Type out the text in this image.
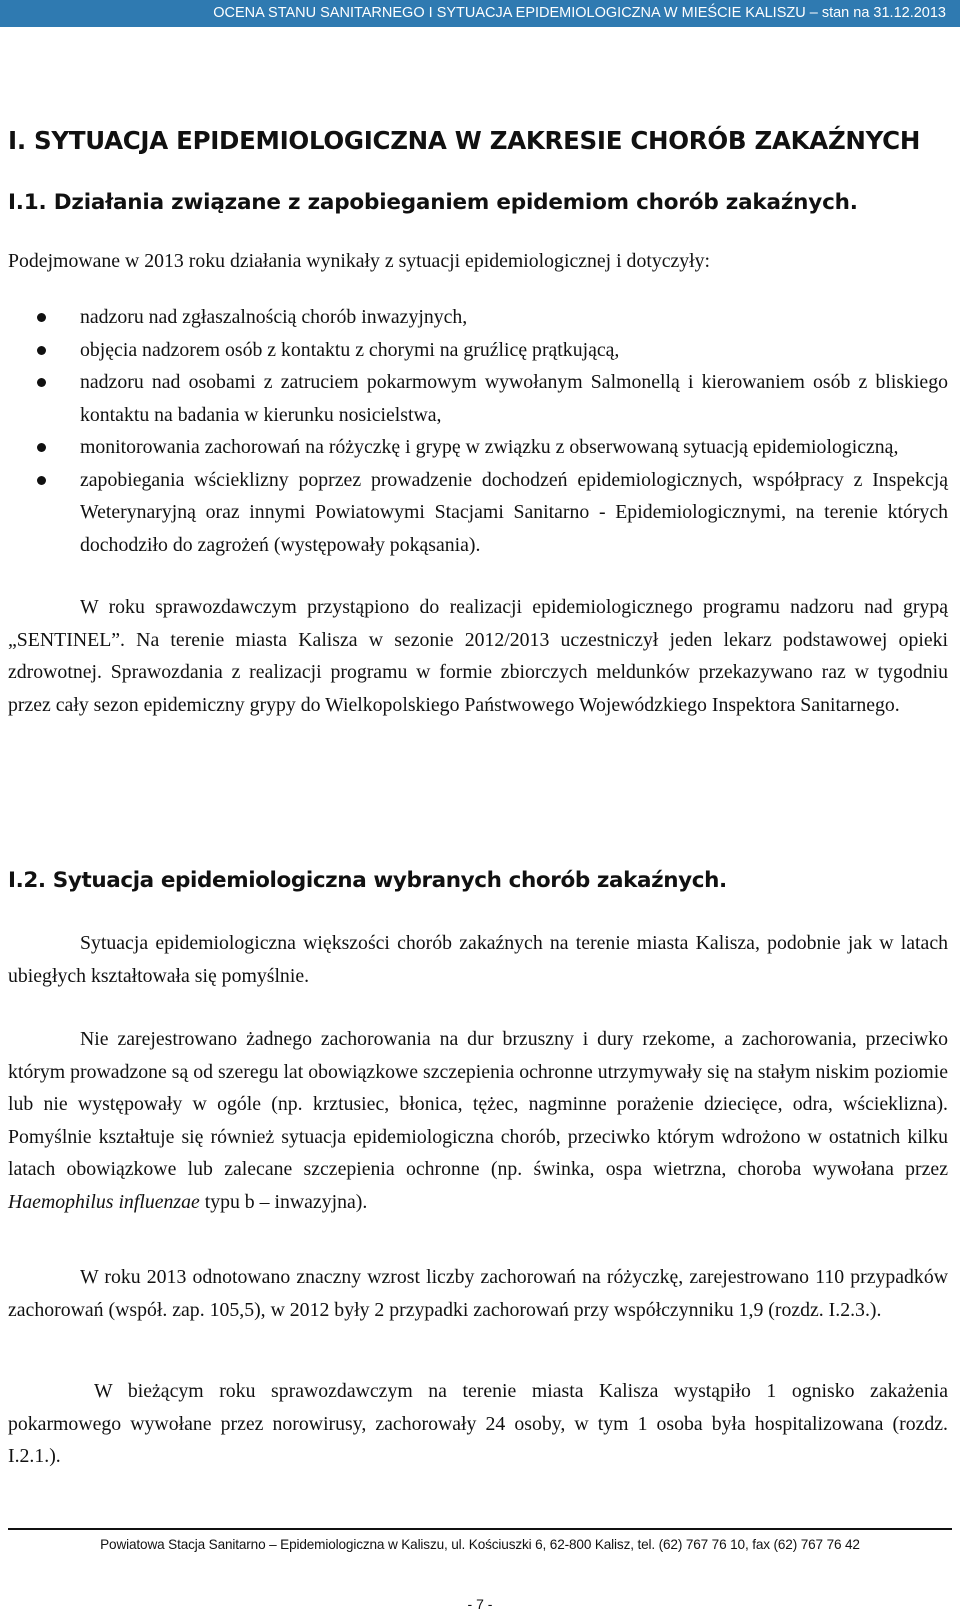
OCENA STANU SANITARNEGO I SYTUACJA EPIDEMIOLOGICZNA W MIEŚCIE KALISZU – stan na 31.12.2013
I. SYTUACJA EPIDEMIOLOGICZNA W ZAKRESIE CHORÓB ZAKAŹNYCH
I.1. Działania związane z zapobieganiem epidemiom chorób zakaźnych.

Podejmowane w 2013 roku działania wynikały z sytuacji epidemiologicznej i dotyczyły:

nadzoru nad zgłaszalnością chorób inwazyjnych,
objęcia nadzorem osób z kontaktu z chorymi na gruźlicę prątkującą,
nadzoru nad osobami z zatruciem pokarmowym wywołanym Salmonellą i kierowaniem osób z bliskiego kontaktu na badania w kierunku nosicielstwa,
monitorowania zachorowań na różyczkę i grypę w związku z obserwowaną sytuacją epidemiologiczną,
zapobiegania wścieklizny poprzez prowadzenie dochodzeń epidemiologicznych, współpracy z Inspekcją Weterynaryjną oraz innymi Powiatowymi Stacjami Sanitarno - Epidemiologicznymi, na terenie których dochodziło do zagrożeń (występowały pokąsania).

W roku sprawozdawczym przystąpiono do realizacji epidemiologicznego programu nadzoru nad grypą „SENTINEL”. Na terenie miasta Kalisza w sezonie 2012/2013 uczestniczył jeden lekarz podstawowej opieki zdrowotnej. Sprawozdania z realizacji programu w formie zbiorczych meldunków przekazywano raz w tygodniu przez cały sezon epidemiczny grypy do Wielkopolskiego Państwowego Wojewódzkiego Inspektora Sanitarnego.

I.2. Sytuacja epidemiologiczna wybranych chorób zakaźnych.

Sytuacja epidemiologiczna większości chorób zakaźnych na terenie miasta Kalisza, podobnie jak w latach ubiegłych kształtowała się pomyślnie.

Nie zarejestrowano żadnego zachorowania na dur brzuszny i dury rzekome, a zachorowania, przeciwko którym prowadzone są od szeregu lat obowiązkowe szczepienia ochronne utrzymywały się na stałym niskim poziomie lub nie występowały w ogóle (np. krztusiec, błonica, tężec, nagminne porażenie dziecięce, odra, wścieklizna). Pomyślnie kształtuje się również sytuacja epidemiologiczna chorób, przeciwko którym wdrożono w ostatnich kilku latach obowiązkowe lub zalecane szczepienia ochronne (np. świnka, ospa wietrzna, choroba wywołana przez Haemophilus influenzae typu b – inwazyjna).

W roku 2013 odnotowano znaczny wzrost liczby zachorowań na różyczkę, zarejestrowano 110 przypadków zachorowań (współ. zap. 105,5), w 2012 były 2 przypadki zachorowań przy współczynniku 1,9 (rozdz. I.2.3.).

W bieżącym roku sprawozdawczym na terenie miasta Kalisza wystąpiło 1 ognisko zakażenia pokarmowego wywołane przez norowirusy, zachorowały 24 osoby, w tym 1 osoba była hospitalizowana (rozdz. I.2.1.).

Powiatowa Stacja Sanitarno – Epidemiologiczna w Kaliszu, ul. Kościuszki 6, 62-800 Kalisz, tel. (62) 767 76 10, fax (62) 767 76 42
- 7 -
